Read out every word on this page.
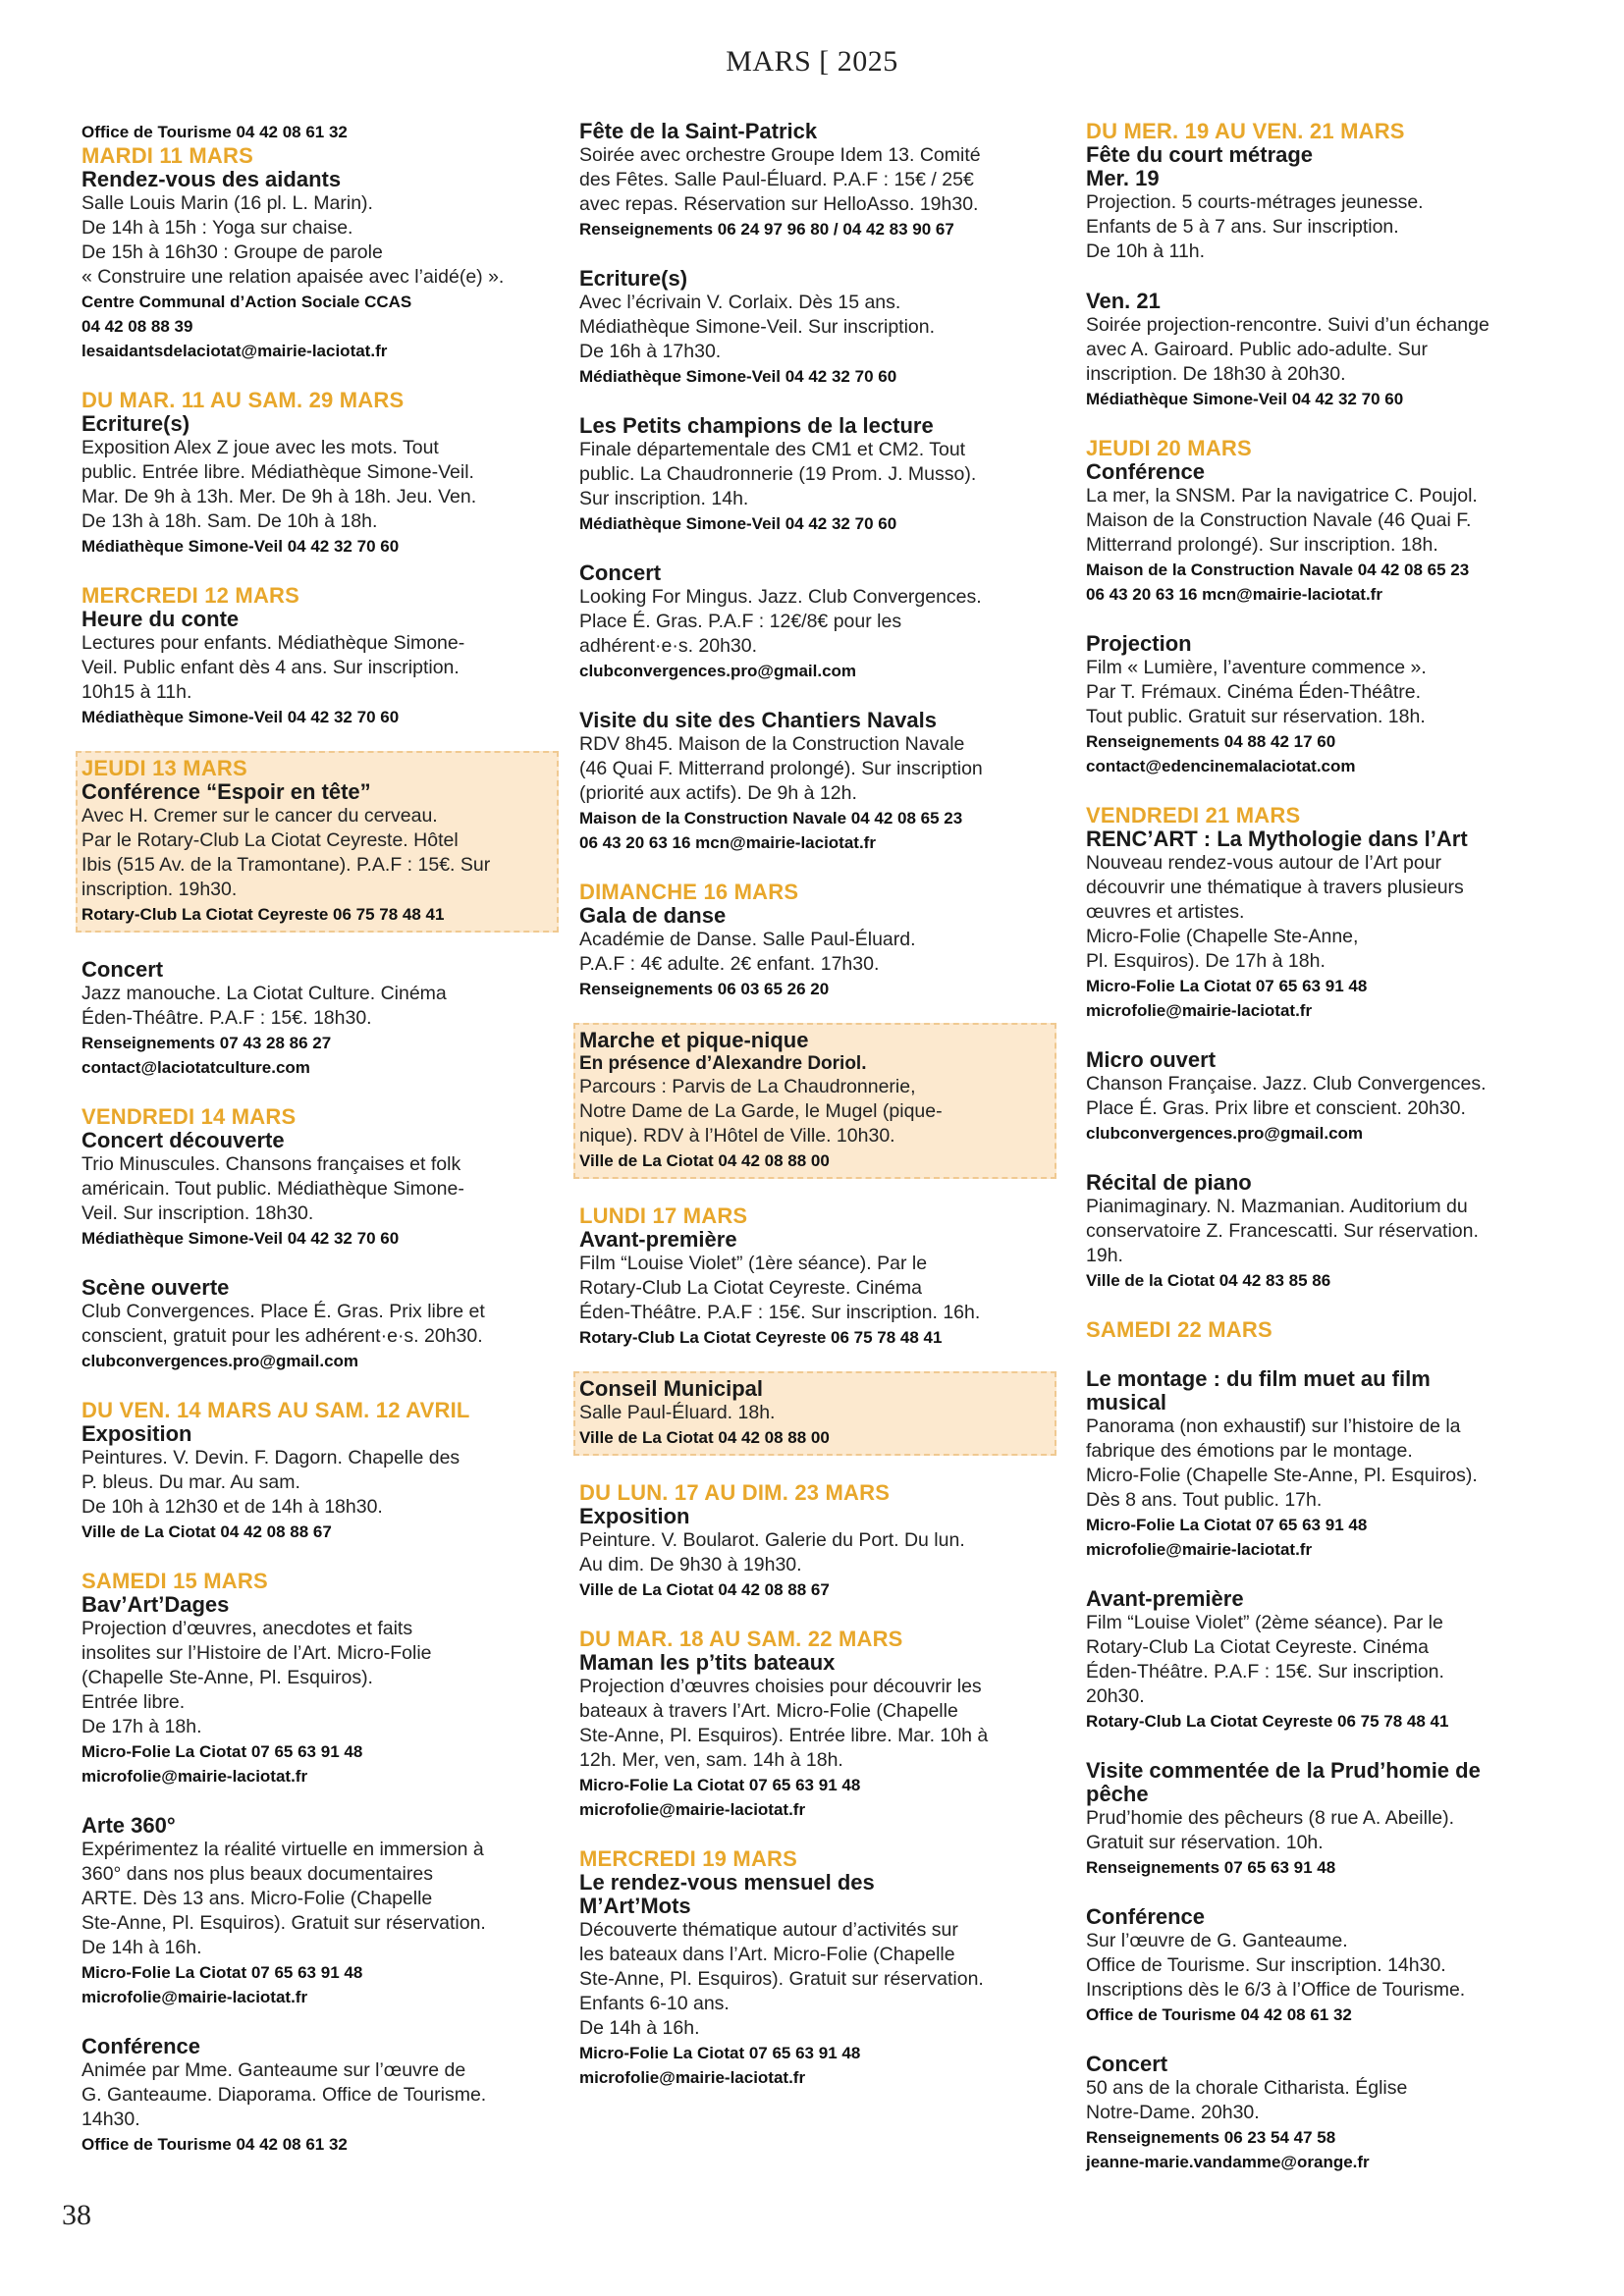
MARS [ 2025
Office de Tourisme 04 42 08 61 32
MARDI 11 MARS
Rendez-vous des aidants
Salle Louis Marin (16 pl. L. Marin).
De 14h à 15h : Yoga sur chaise.
De 15h à 16h30 : Groupe de parole
« Construire une relation apaisée avec l’aidé(e) ».
Centre Communal d’Action Sociale CCAS
04 42 08 88 39
lesaidantsdelaciotat@mairie-laciotat.fr
DU MAR. 11 AU SAM. 29 MARS
Ecriture(s)
Exposition Alex Z joue avec les mots. Tout
public. Entrée libre. Médiathèque Simone-Veil.
Mar. De 9h à 13h. Mer. De 9h à 18h. Jeu. Ven.
De 13h à 18h. Sam. De 10h à 18h.
Médiathèque Simone-Veil 04 42 32 70 60
MERCREDI 12 MARS
Heure du conte
Lectures pour enfants. Médiathèque Simone-
Veil. Public enfant dès 4 ans. Sur inscription.
10h15 à 11h.
Médiathèque Simone-Veil 04 42 32 70 60
JEUDI 13 MARS
Conférence “Espoir en tête”
Avec H. Cremer sur le cancer du cerveau.
Par le Rotary-Club La Ciotat Ceyreste. Hôtel
Ibis (515 Av. de la Tramontane). P.A.F : 15€. Sur
inscription. 19h30.
Rotary-Club La Ciotat Ceyreste 06 75 78 48 41
Concert
Jazz manouche. La Ciotat Culture. Cinéma
Éden-Théâtre. P.A.F : 15€. 18h30.
Renseignements 07 43 28 86 27
contact@laciotatculture.com
VENDREDI 14 MARS
Concert découverte
Trio Minuscules. Chansons françaises et folk
américain. Tout public. Médiathèque Simone-
Veil. Sur inscription. 18h30.
Médiathèque Simone-Veil 04 42 32 70 60
Scène ouverte
Club Convergences. Place É. Gras. Prix libre et
conscient, gratuit pour les adhérent·e·s. 20h30.
clubconvergences.pro@gmail.com
DU VEN. 14 MARS AU SAM. 12 AVRIL
Exposition
Peintures. V. Devin. F. Dagorn. Chapelle des
P. bleus. Du mar. Au sam.
De 10h à 12h30 et de 14h à 18h30.
Ville de La Ciotat 04 42 08 88 67
SAMEDI 15 MARS
Bav’Art’Dages
Projection d’œuvres, anecdotes et faits
insolites sur l’Histoire de l’Art. Micro-Folie
(Chapelle Ste-Anne, Pl. Esquiros).
Entrée libre.
De 17h à 18h.
Micro-Folie La Ciotat 07 65 63 91 48
microfolie@mairie-laciotat.fr
Arte 360°
Expérimentez la réalité virtuelle en immersion à
360° dans nos plus beaux documentaires
ARTE. Dès 13 ans. Micro-Folie (Chapelle
Ste-Anne, Pl. Esquiros). Gratuit sur réservation.
De 14h à 16h.
Micro-Folie La Ciotat 07 65 63 91 48
microfolie@mairie-laciotat.fr
Conférence
Animée par Mme. Ganteaume sur l’œuvre de
G. Ganteaume. Diaporama. Office de Tourisme.
14h30.
Office de Tourisme 04 42 08 61 32
Fête de la Saint-Patrick
Soirée avec orchestre Groupe Idem 13. Comité
des Fêtes. Salle Paul-Éluard. P.A.F : 15€ / 25€
avec repas. Réservation sur HelloAsso. 19h30.
Renseignements 06 24 97 96 80 / 04 42 83 90 67
Ecriture(s)
Avec l’écrivain V. Corlaix. Dès 15 ans.
Médiathèque Simone-Veil. Sur inscription.
De 16h à 17h30.
Médiathèque Simone-Veil 04 42 32 70 60
Les Petits champions de la lecture
Finale départementale des CM1 et CM2. Tout
public. La Chaudronnerie (19 Prom. J. Musso).
Sur inscription. 14h.
Médiathèque Simone-Veil 04 42 32 70 60
Concert
Looking For Mingus. Jazz. Club Convergences.
Place É. Gras. P.A.F : 12€/8€ pour les
adhérent·e·s. 20h30.
clubconvergences.pro@gmail.com
Visite du site des Chantiers Navals
RDV 8h45. Maison de la Construction Navale
(46 Quai F. Mitterrand prolongé). Sur inscription
(priorité aux actifs). De 9h à 12h.
Maison de la Construction Navale 04 42 08 65 23
06 43 20 63 16 mcn@mairie-laciotat.fr
DIMANCHE 16 MARS
Gala de danse
Académie de Danse. Salle Paul-Éluard.
P.A.F : 4€ adulte. 2€ enfant. 17h30.
Renseignements 06 03 65 26 20
Marche et pique-nique
En présence d’Alexandre Doriol.
Parcours : Parvis de La Chaudronnerie,
Notre Dame de La Garde, le Mugel (pique-
nique). RDV à l’Hôtel de Ville. 10h30.
Ville de La Ciotat 04 42 08 88 00
LUNDI 17 MARS
Avant-première
Film “Louise Violet” (1ère séance). Par le
Rotary-Club La Ciotat Ceyreste. Cinéma
Éden-Théâtre. P.A.F : 15€. Sur inscription. 16h.
Rotary-Club La Ciotat Ceyreste 06 75 78 48 41
Conseil Municipal
Salle Paul-Éluard. 18h.
Ville de La Ciotat 04 42 08 88 00
DU LUN. 17 AU DIM. 23 MARS
Exposition
Peinture. V. Boularot. Galerie du Port. Du lun.
Au dim. De 9h30 à 19h30.
Ville de La Ciotat 04 42 08 88 67
DU MAR. 18 AU SAM. 22 MARS
Maman les p’tits bateaux
Projection d’œuvres choisies pour découvrir les
bateaux à travers l’Art. Micro-Folie (Chapelle
Ste-Anne, Pl. Esquiros). Entrée libre. Mar. 10h à
12h. Mer, ven, sam. 14h à 18h.
Micro-Folie La Ciotat 07 65 63 91 48
microfolie@mairie-laciotat.fr
MERCREDI 19 MARS
Le rendez-vous mensuel des
M’Art’Mots
Découverte thématique autour d’activités sur
les bateaux dans l’Art. Micro-Folie (Chapelle
Ste-Anne, Pl. Esquiros). Gratuit sur réservation.
Enfants 6-10 ans.
De 14h à 16h.
Micro-Folie La Ciotat 07 65 63 91 48
microfolie@mairie-laciotat.fr
DU MER. 19 AU VEN. 21 MARS
Fête du court métrage
Mer. 19
Projection. 5 courts-métrages jeunesse.
Enfants de 5 à 7 ans. Sur inscription.
De 10h à 11h.
Ven. 21
Soirée projection-rencontre. Suivi d’un échange
avec A. Gairoard. Public ado-adulte. Sur
inscription. De 18h30 à 20h30.
Médiathèque Simone-Veil 04 42 32 70 60
JEUDI 20 MARS
Conférence
La mer, la SNSM. Par la navigatrice C. Poujol.
Maison de la Construction Navale (46 Quai F.
Mitterrand prolongé). Sur inscription. 18h.
Maison de la Construction Navale 04 42 08 65 23
06 43 20 63 16 mcn@mairie-laciotat.fr
Projection
Film « Lumière, l’aventure commence ».
Par T. Frémaux. Cinéma Éden-Théâtre.
Tout public. Gratuit sur réservation. 18h.
Renseignements 04 88 42 17 60
contact@edencinemalaciotat.com
VENDREDI 21 MARS
RENC’ART : La Mythologie dans l’Art
Nouveau rendez-vous autour de l’Art pour
découvrir une thématique à travers plusieurs
œuvres et artistes.
Micro-Folie (Chapelle Ste-Anne,
Pl. Esquiros). De 17h à 18h.
Micro-Folie La Ciotat 07 65 63 91 48
microfolie@mairie-laciotat.fr
Micro ouvert
Chanson Française. Jazz. Club Convergences.
Place É. Gras. Prix libre et conscient. 20h30.
clubconvergences.pro@gmail.com
Récital de piano
Pianimaginary. N. Mazmanian. Auditorium du
conservatoire Z. Francescatti. Sur réservation.
19h.
Ville de la Ciotat 04 42 83 85 86
SAMEDI 22 MARS
Le montage : du film muet au film
musical
Panorama (non exhaustif) sur l’histoire de la
fabrique des émotions par le montage.
Micro-Folie (Chapelle Ste-Anne, Pl. Esquiros).
Dès 8 ans. Tout public. 17h.
Micro-Folie La Ciotat 07 65 63 91 48
microfolie@mairie-laciotat.fr
Avant-première
Film “Louise Violet” (2ème séance). Par le
Rotary-Club La Ciotat Ceyreste. Cinéma
Éden-Théâtre. P.A.F : 15€. Sur inscription.
20h30.
Rotary-Club La Ciotat Ceyreste 06 75 78 48 41
Visite commentée de la Prud’homie de
pêche
Prud’homie des pêcheurs (8 rue A. Abeille).
Gratuit sur réservation. 10h.
Renseignements 07 65 63 91 48
Conférence
Sur l’œuvre de G. Ganteaume.
Office de Tourisme. Sur inscription. 14h30.
Inscriptions dès le 6/3 à l’Office de Tourisme.
Office de Tourisme 04 42 08 61 32
Concert
50 ans de la chorale Citharista. Église
Notre-Dame. 20h30.
Renseignements 06 23 54 47 58
jeanne-marie.vandamme@orange.fr
38
